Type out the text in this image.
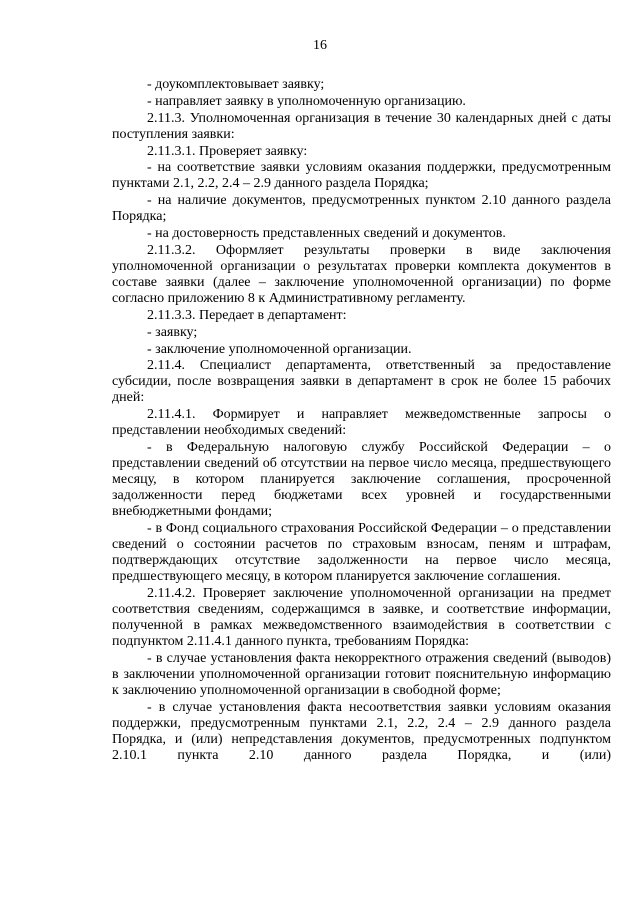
16

- доукомплектовывает заявку;

- направляет заявку в уполномоченную организацию.

2.11.3. Уполномоченная организация в течение 30 календарных дней с даты поступления заявки:

2.11.3.1. Проверяет заявку:

- на соответствие заявки условиям оказания поддержки, предусмотренным пунктами 2.1, 2.2, 2.4 – 2.9 данного раздела Порядка;

- на наличие документов, предусмотренных пунктом 2.10 данного раздела Порядка;

- на достоверность представленных сведений и документов.

2.11.3.2. Оформляет результаты проверки в виде заключения уполномоченной организации о результатах проверки комплекта документов в составе заявки (далее – заключение уполномоченной организации) по форме согласно приложению 8 к Административному регламенту.

2.11.3.3. Передает в департамент:

- заявку;

- заключение уполномоченной организации.

2.11.4. Специалист департамента, ответственный за предоставление субсидии, после возвращения заявки в департамент в срок не более 15 рабочих дней:

2.11.4.1. Формирует и направляет межведомственные запросы о представлении необходимых сведений:

- в Федеральную налоговую службу Российской Федерации – о представлении сведений об отсутствии на первое число месяца, предшествующего месяцу, в котором планируется заключение соглашения, просроченной задолженности перед бюджетами всех уровней и государственными внебюджетными фондами;

- в Фонд социального страхования Российской Федерации – о представлении сведений о состоянии расчетов по страховым взносам, пеням и штрафам, подтверждающих отсутствие задолженности на первое число месяца, предшествующего месяцу, в котором планируется заключение соглашения.

2.11.4.2. Проверяет заключение уполномоченной организации на предмет соответствия сведениям, содержащимся в заявке, и соответствие информации, полученной в рамках межведомственного взаимодействия в соответствии с подпунктом 2.11.4.1 данного пункта, требованиям Порядка:

- в случае установления факта некорректного отражения сведений (выводов) в заключении уполномоченной организации готовит пояснительную информацию к заключению уполномоченной организации в свободной форме;

- в случае установления факта несоответствия заявки условиям оказания поддержки, предусмотренным пунктами 2.1, 2.2, 2.4 – 2.9 данного раздела Порядка, и (или) непредставления документов, предусмотренных подпунктом 2.10.1 пункта 2.10 данного раздела Порядка, и (или)
